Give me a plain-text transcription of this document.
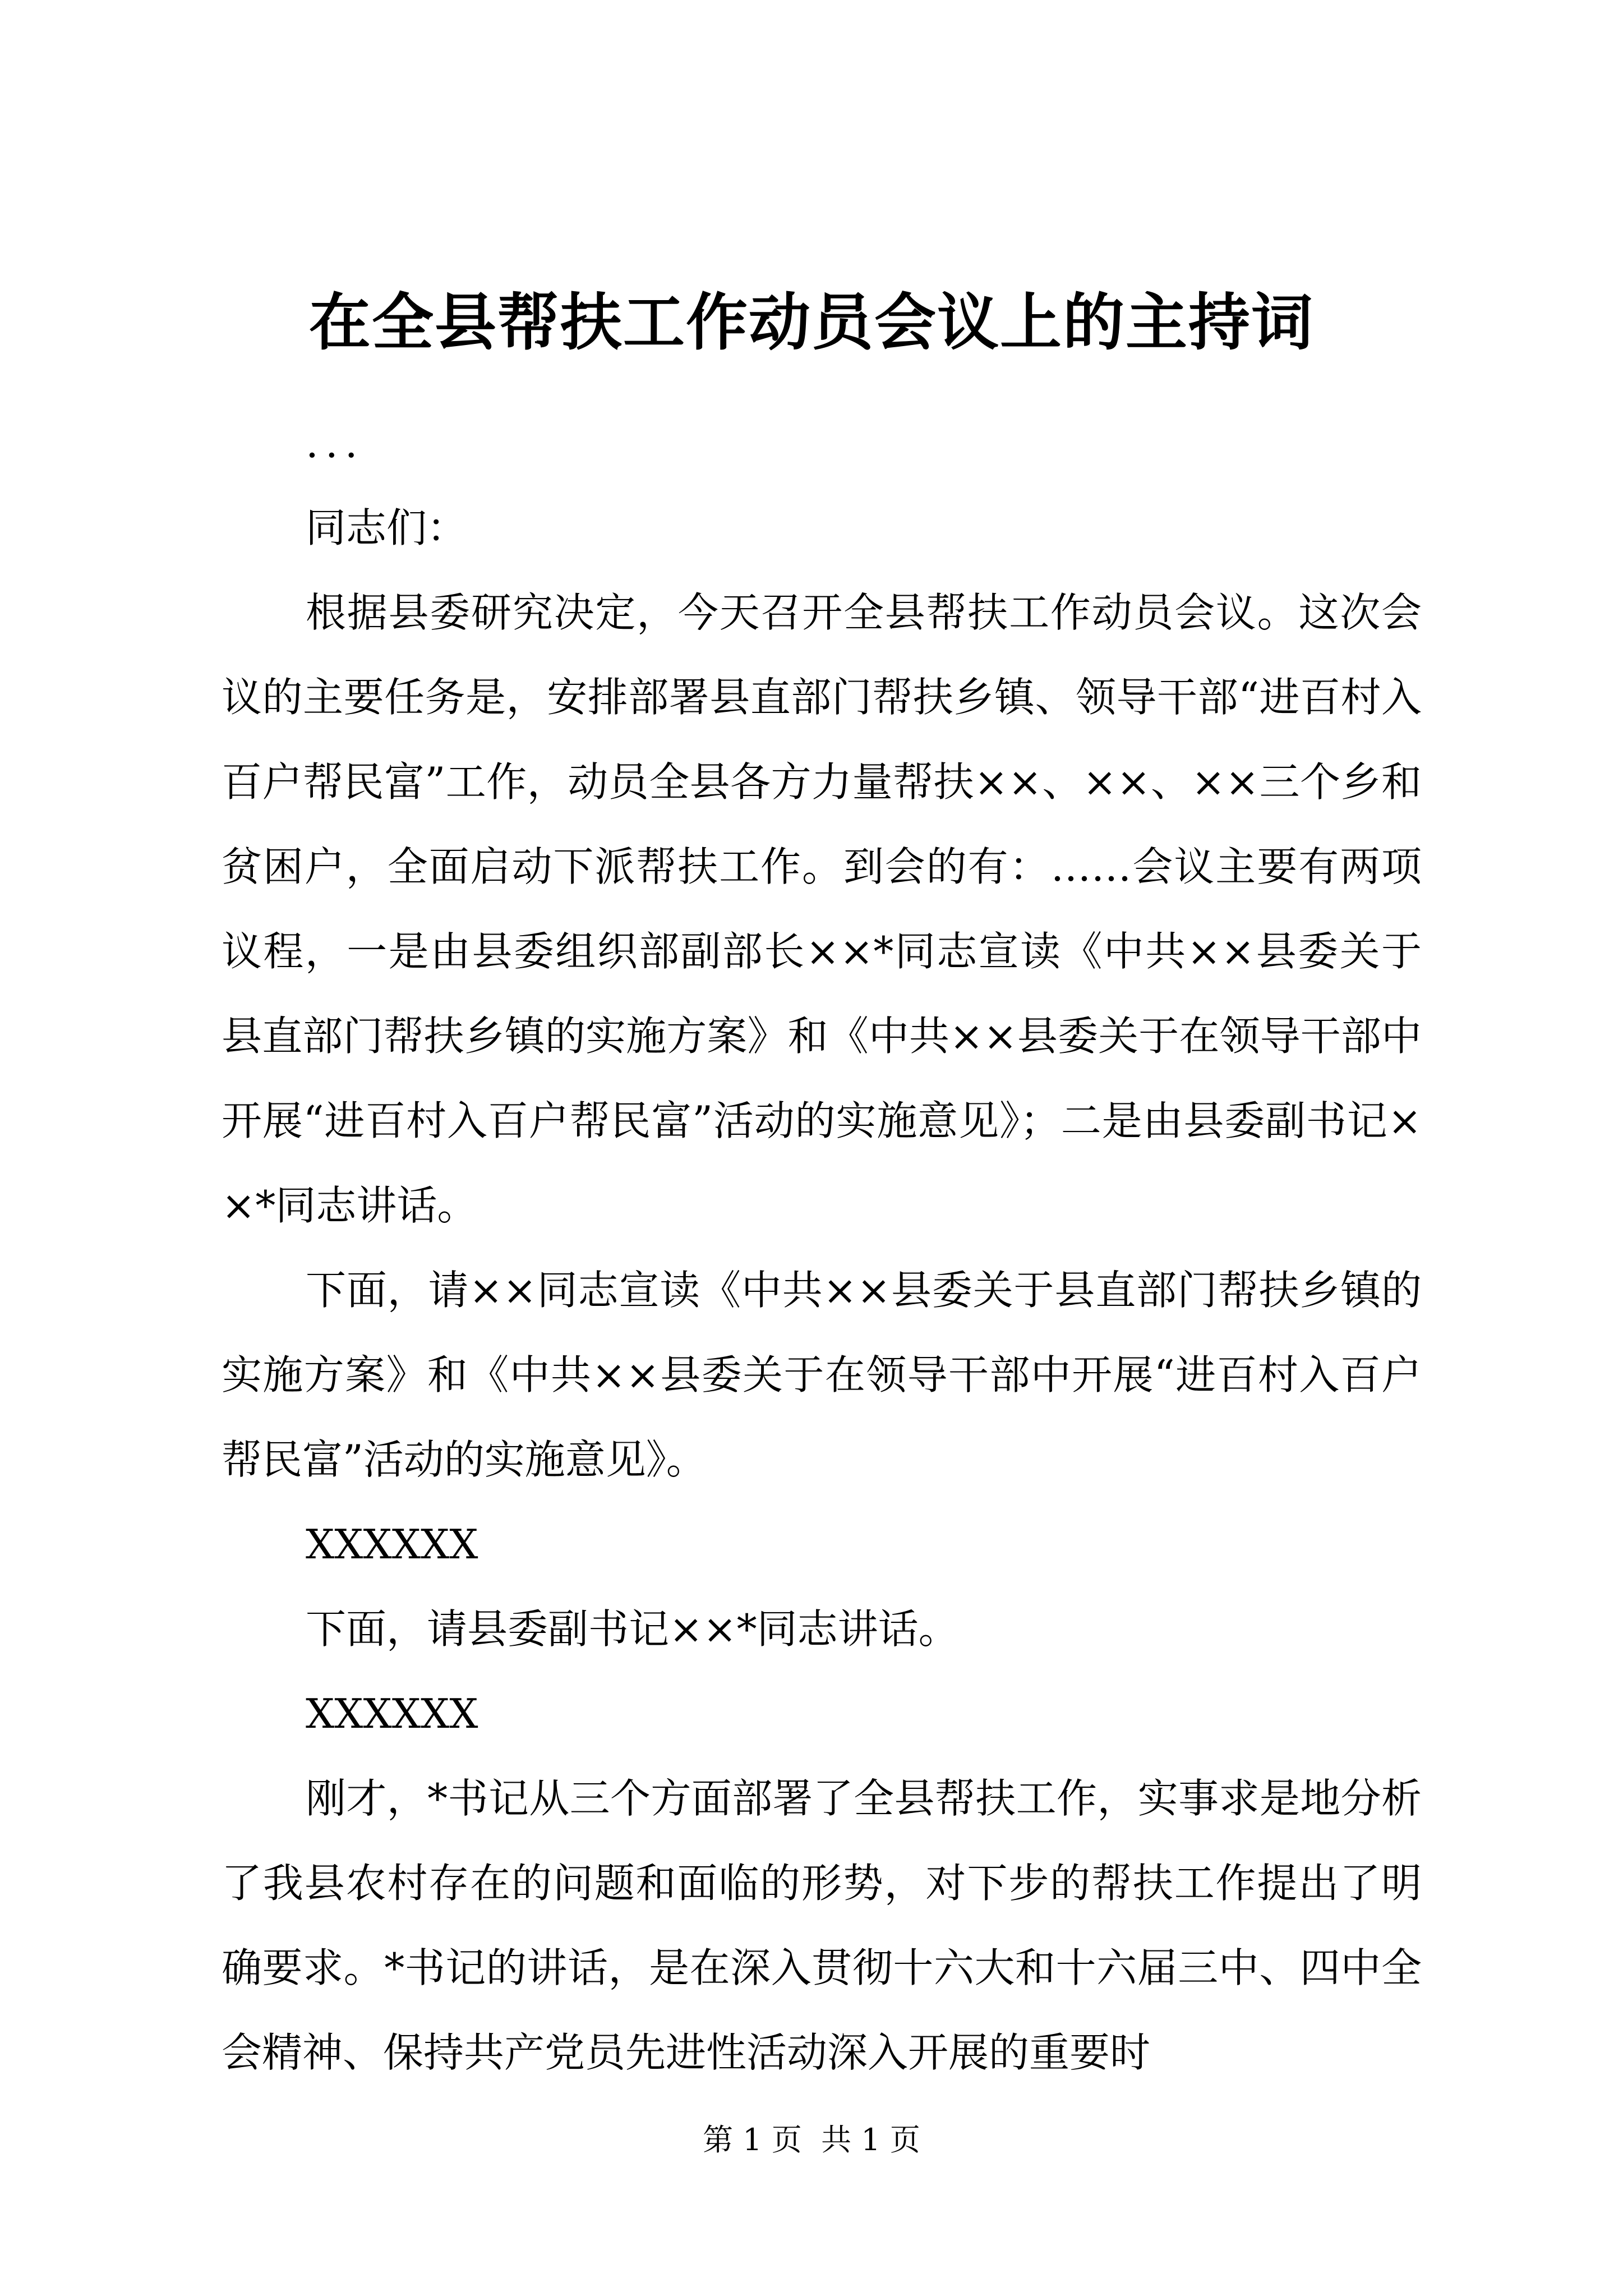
在全县帮扶工作动员会议上的主持词

...

同志们：

根据县委研究决定，今天召开全县帮扶工作动员会议。这次会议的主要任务是，安排部署县直部门帮扶乡镇、领导干部“进百村入百户帮民富”工作，动员全县各方力量帮扶××、××、××三个乡和贫困户，全面启动下派帮扶工作。到会的有：……会议主要有两项议程，一是由县委组织部副部长××*同志宣读《中共××县委关于县直部门帮扶乡镇的实施方案》和《中共××县委关于在领导干部中开展“进百村入百户帮民富”活动的实施意见》；二是由县委副书记××*同志讲话。

下面，请××同志宣读《中共××县委关于县直部门帮扶乡镇的实施方案》和《中共××县委关于在领导干部中开展“进百村入百户帮民富”活动的实施意见》。

XXXXXX

下面，请县委副书记××*同志讲话。

XXXXXX

刚才，*书记从三个方面部署了全县帮扶工作，实事求是地分析了我县农村存在的问题和面临的形势，对下步的帮扶工作提出了明确要求。*书记的讲话，是在深入贯彻十六大和十六届三中、四中全会精神、保持共产党员先进性活动深入开展的重要时

第 1 页  共 1 页
